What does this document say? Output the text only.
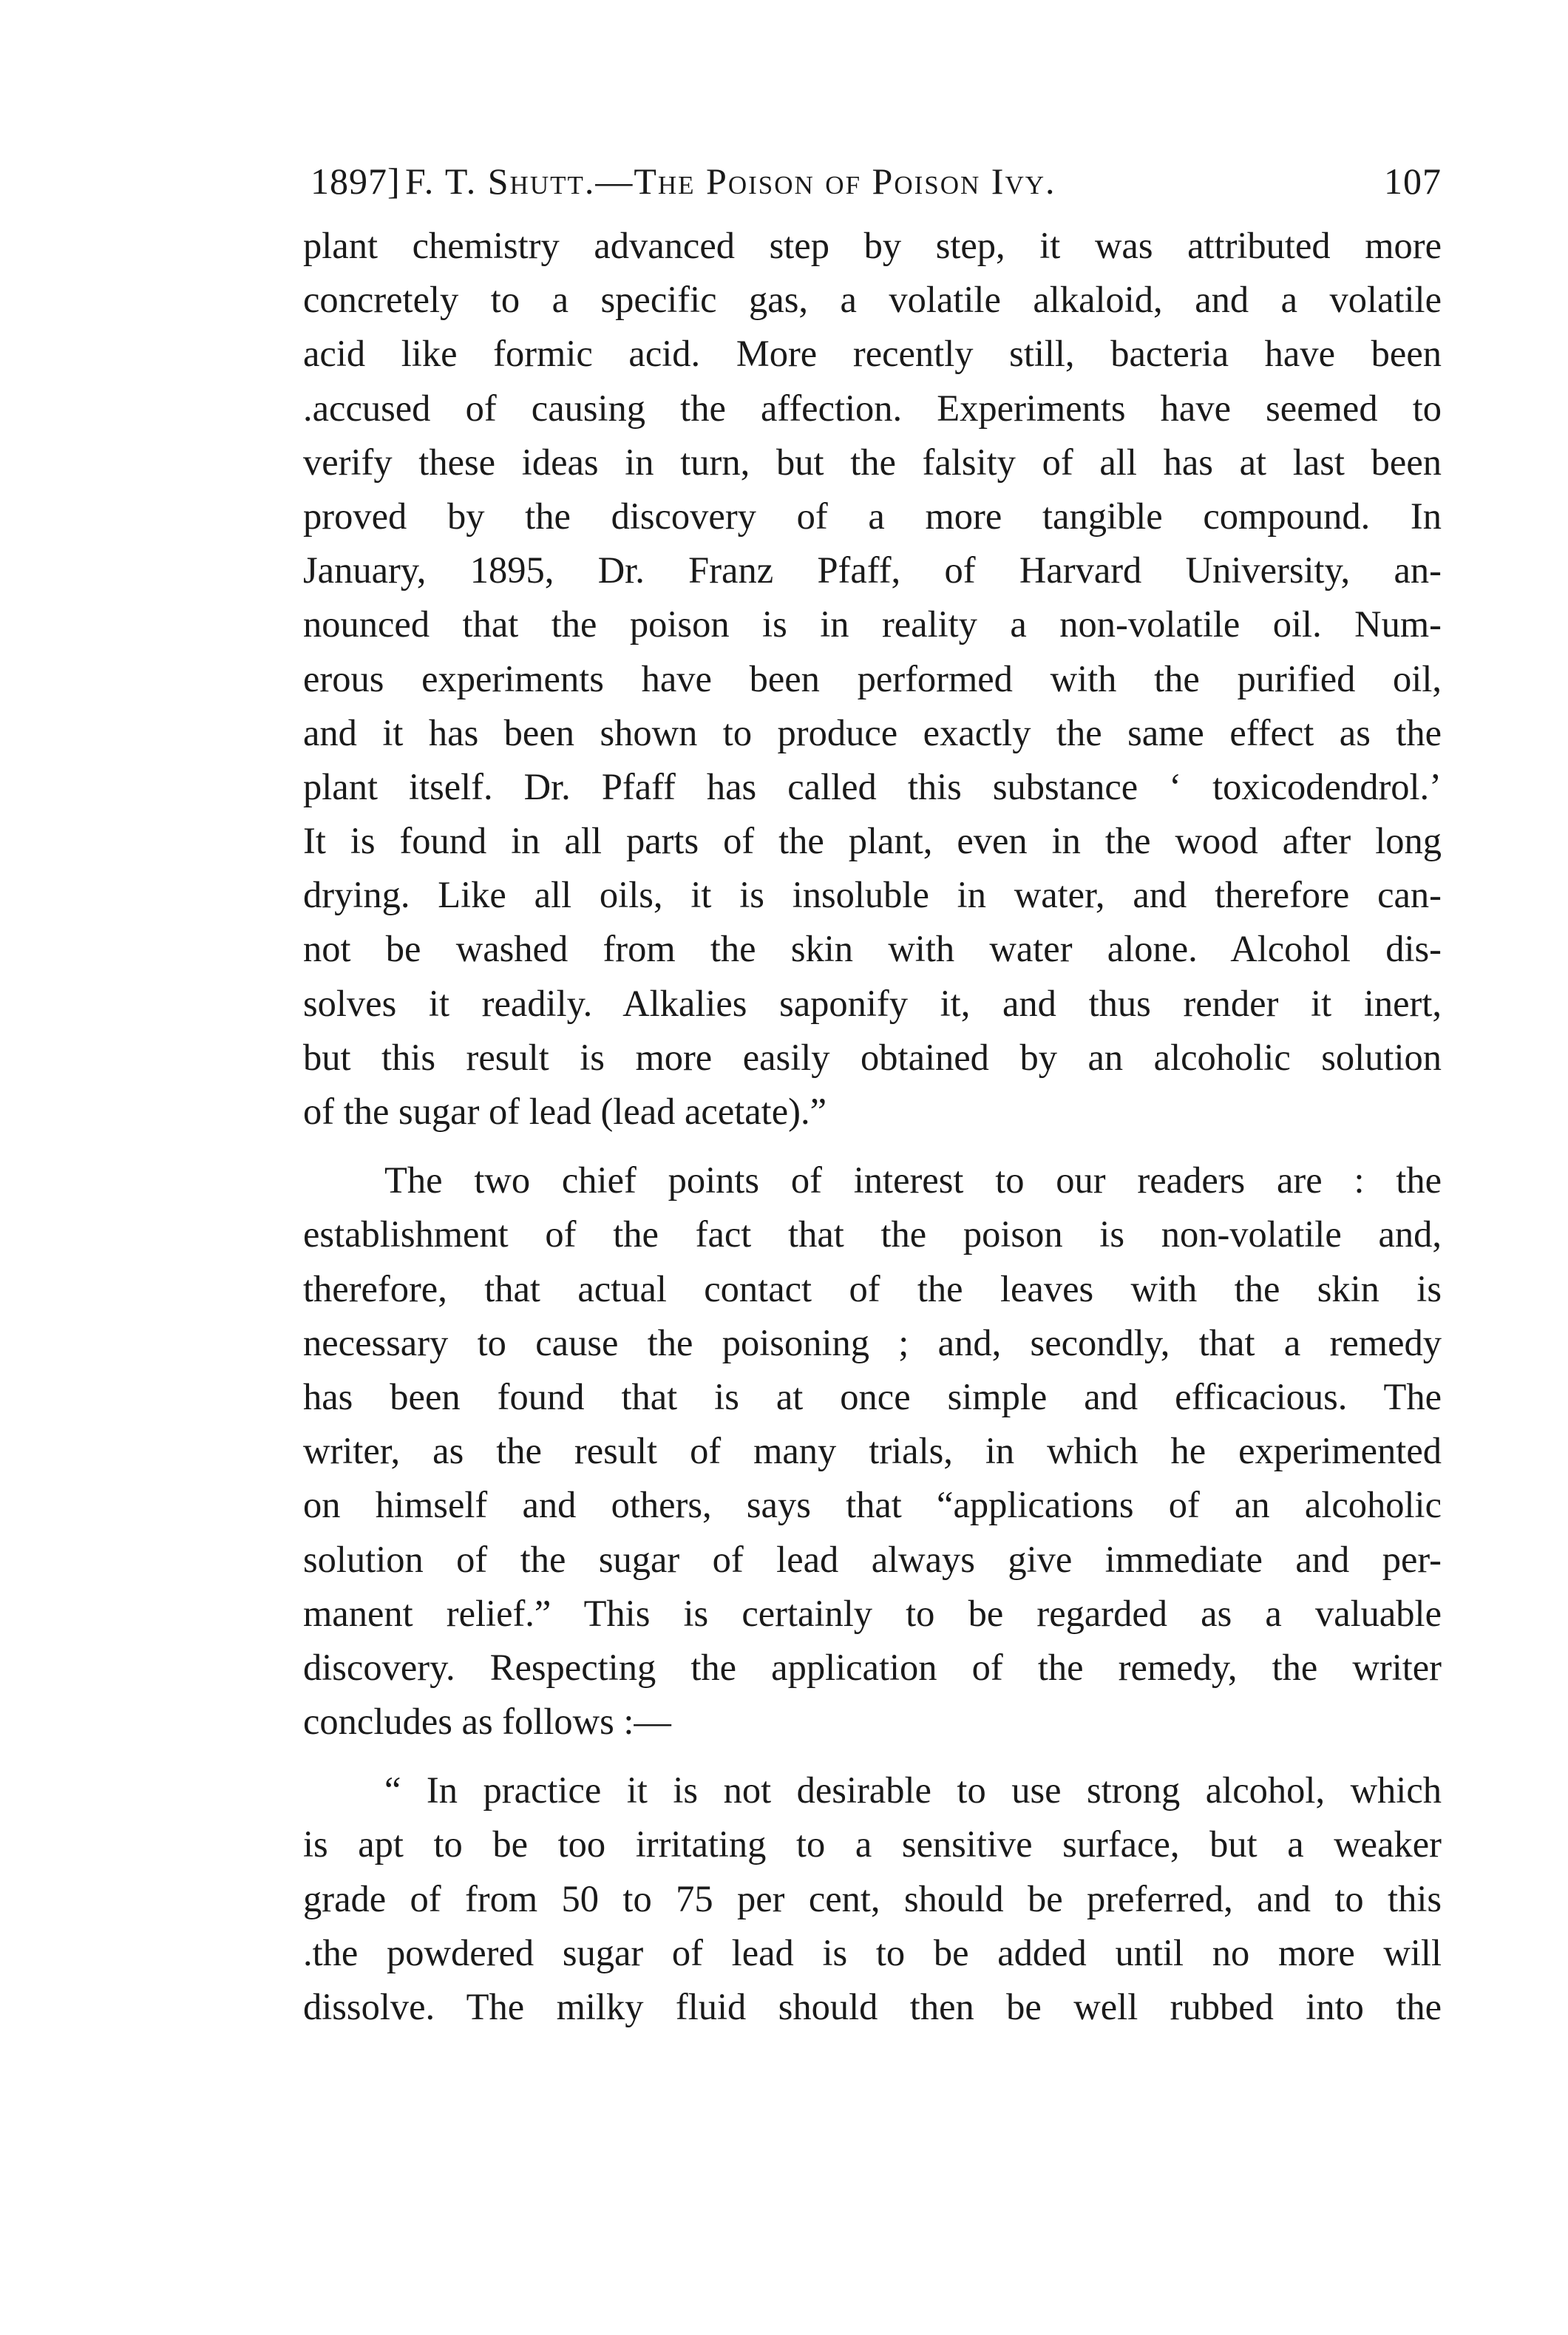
1897] F. T. Shutt.—The Poison of Poison Ivy.	107
plant chemistry advanced step by step, it was attributed more
concretely to a specific gas, a volatile alkaloid, and a volatile
acid like formic acid. More recently still, bacteria have been
.accused of causing the affection. Experiments have seemed to
verify these ideas in turn, but the falsity of all has at last been
proved by the discovery of a more tangible compound. In
January, 1895, Dr. Franz Pfaff, of Harvard University, an-
nounced that the poison is in reality a non-volatile oil. Num-
erous experiments have been performed with the purified oil,
and it has been shown to produce exactly the same effect as the
plant itself. Dr. Pfaff has called this substance ‘ toxicodendrol.’
It is found in all parts of the plant, even in the wood after long
drying. Like all oils, it is insoluble in water, and therefore can-
not be washed from the skin with water alone. Alcohol dis-
solves it readily. Alkalies saponify it, and thus render it inert,
but this result is more easily obtained by an alcoholic solution
of the sugar of lead (lead acetate).”
The two chief points of interest to our readers are : the
establishment of the fact that the poison is non-volatile and,
therefore, that actual contact of the leaves with the skin is
necessary to cause the poisoning ; and, secondly, that a remedy
has been found that is at once simple and efficacious. The
writer, as the result of many trials, in which he experimented
on himself and others, says that “applications of an alcoholic
solution of the sugar of lead always give immediate and per-
manent relief.” This is certainly to be regarded as a valuable
discovery. Respecting the application of the remedy, the writer
concludes as follows :—
“ In practice it is not desirable to use strong alcohol, which
is apt to be too irritating to a sensitive surface, but a weaker
grade of from 50 to 75 per cent, should be preferred, and to this
.the powdered sugar of lead is to be added until no more will
dissolve. The milky fluid should then be well rubbed into the
